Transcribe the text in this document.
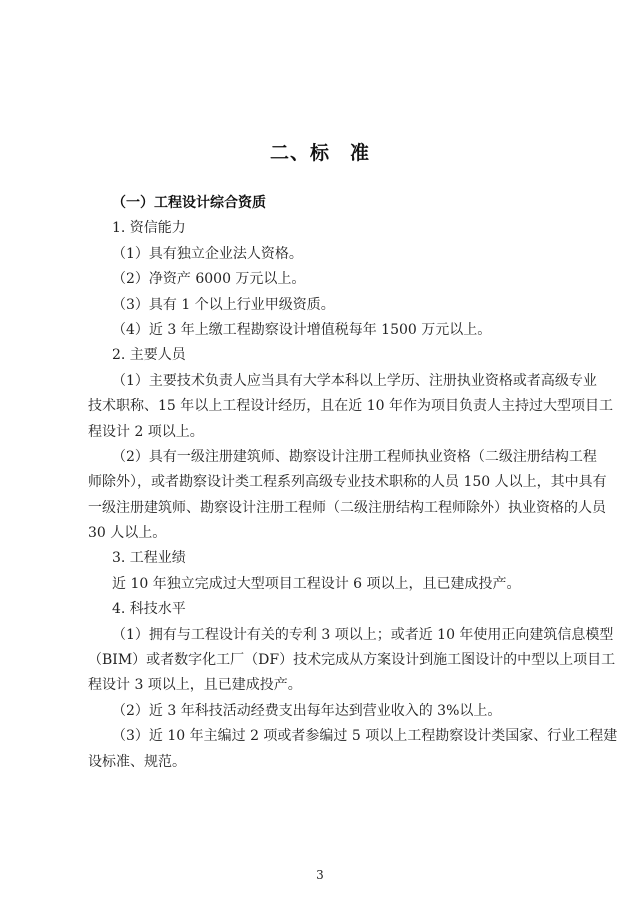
二、标　准
（一）工程设计综合资质
1. 资信能力
（1）具有独立企业法人资格。
（2）净资产 6000 万元以上。
（3）具有 1 个以上行业甲级资质。
（4）近 3 年上缴工程勘察设计增值税每年 1500 万元以上。
2. 主要人员
（1）主要技术负责人应当具有大学本科以上学历、注册执业资格或者高级专业
技术职称、15 年以上工程设计经历，且在近 10 年作为项目负责人主持过大型项目工
程设计 2 项以上。
（2）具有一级注册建筑师、勘察设计注册工程师执业资格（二级注册结构工程
师除外），或者勘察设计类工程系列高级专业技术职称的人员 150 人以上，其中具有
一级注册建筑师、勘察设计注册工程师（二级注册结构工程师除外）执业资格的人员
30 人以上。
3. 工程业绩
近 10 年独立完成过大型项目工程设计 6 项以上，且已建成投产。
4. 科技水平
（1）拥有与工程设计有关的专利 3 项以上；或者近 10 年使用正向建筑信息模型
（BIM）或者数字化工厂（DF）技术完成从方案设计到施工图设计的中型以上项目工
程设计 3 项以上，且已建成投产。
（2）近 3 年科技活动经费支出每年达到营业收入的 3%以上。
（3）近 10 年主编过 2 项或者参编过 5 项以上工程勘察设计类国家、行业工程建
设标准、规范。
3
